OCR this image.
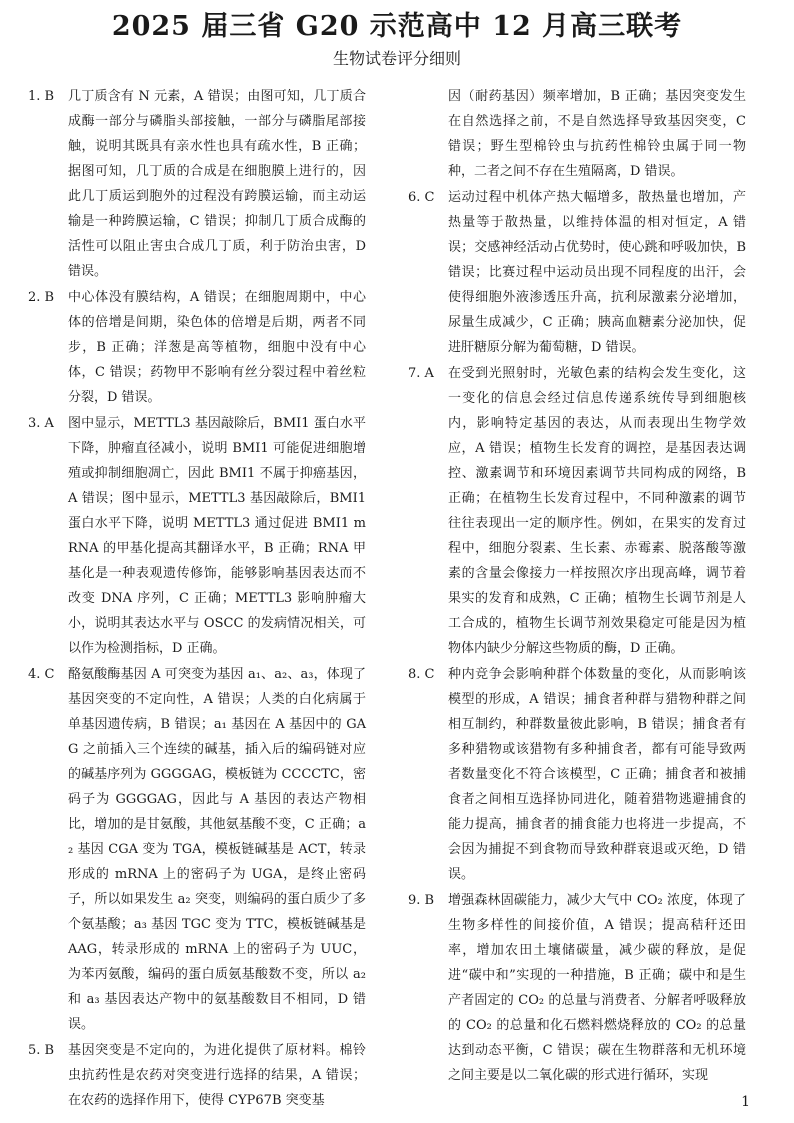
2025 届三省 G20 示范高中 12 月高三联考
生物试卷评分细则
1. B	几丁质含有 N 元素，A 错误；由图可知，几丁质合成酶一部分与磷脂头部接触，一部分与磷脂尾部接触，说明其既具有亲水性也具有疏水性，B 正确；据图可知，几丁质的合成是在细胞膜上进行的，因此几丁质运到胞外的过程没有跨膜运输，而主动运输是一种跨膜运输，C 错误；抑制几丁质合成酶的活性可以阻止害虫合成几丁质，利于防治虫害，D 错误。
2. B	中心体没有膜结构，A 错误；在细胞周期中，中心体的倍增是间期，染色体的倍增是后期，两者不同步，B 正确；洋葱是高等植物，细胞中没有中心体，C 错误；药物甲不影响有丝分裂过程中着丝粒分裂，D 错误。
3. A	图中显示，METTL3 基因敲除后，BMI1 蛋白水平下降，肿瘤直径减小，说明 BMI1 可能促进细胞增殖或抑制细胞凋亡，因此 BMI1 不属于抑癌基因，A 错误；图中显示，METTL3 基因敲除后，BMI1 蛋白水平下降，说明 METTL3 通过促进 BMI1 mRNA 的甲基化提高其翻译水平，B 正确；RNA 甲基化是一种表观遗传修饰，能够影响基因表达而不改变 DNA 序列，C 正确；METTL3 影响肿瘤大小，说明其表达水平与 OSCC 的发病情况相关，可以作为检测指标，D 正确。
4. C	酪氨酸酶基因 A 可突变为基因 a₁、a₂、a₃，体现了基因突变的不定向性，A 错误；人类的白化病属于单基因遗传病，B 错误；a₁ 基因在 A 基因中的 GAG 之前插入三个连续的碱基，插入后的编码链对应的碱基序列为 GGGGAG，模板链为 CCCCTC，密码子为 GGGGAG，因此与 A 基因的表达产物相比，增加的是甘氨酸，其他氨基酸不变，C 正确；a₂ 基因 CGA 变为 TGA，模板链碱基是 ACT，转录形成的 mRNA 上的密码子为 UGA，是终止密码子，所以如果发生 a₂ 突变，则编码的蛋白质少了多个氨基酸；a₃ 基因 TGC 变为 TTC，模板链碱基是 AAG，转录形成的 mRNA 上的密码子为 UUC，为苯丙氨酸，编码的蛋白质氨基酸数不变，所以 a₂ 和 a₃ 基因表达产物中的氨基酸数目不相同，D 错误。
5. B	基因突变是不定向的，为进化提供了原材料。棉铃虫抗药性是农药对突变进行选择的结果，A 错误；在农药的选择作用下，使得 CYP67B 突变基
因（耐药基因）频率增加，B 正确；基因突变发生在自然选择之前，不是自然选择导致基因突变，C 错误；野生型棉铃虫与抗药性棉铃虫属于同一物种，二者之间不存在生殖隔离，D 错误。
6. C	运动过程中机体产热大幅增多，散热量也增加，产热量等于散热量，以维持体温的相对恒定，A 错误；交感神经活动占优势时，使心跳和呼吸加快，B 错误；比赛过程中运动员出现不同程度的出汗，会使得细胞外液渗透压升高，抗利尿激素分泌增加，尿量生成减少，C 正确；胰高血糖素分泌加快，促进肝糖原分解为葡萄糖，D 错误。
7. A	在受到光照射时，光敏色素的结构会发生变化，这一变化的信息会经过信息传递系统传导到细胞核内，影响特定基因的表达，从而表现出生物学效应，A 错误；植物生长发育的调控，是基因表达调控、激素调节和环境因素调节共同构成的网络，B 正确；在植物生长发育过程中，不同种激素的调节往往表现出一定的顺序性。例如，在果实的发育过程中，细胞分裂素、生长素、赤霉素、脱落酸等激素的含量会像接力一样按照次序出现高峰，调节着果实的发育和成熟，C 正确；植物生长调节剂是人工合成的，植物生长调节剂效果稳定可能是因为植物体内缺少分解这些物质的酶，D 正确。
8. C	种内竞争会影响种群个体数量的变化，从而影响该模型的形成，A 错误；捕食者种群与猎物种群之间相互制约，种群数量彼此影响，B 错误；捕食者有多种猎物或该猎物有多种捕食者，都有可能导致两者数量变化不符合该模型，C 正确；捕食者和被捕食者之间相互选择协同进化，随着猎物逃避捕食的能力提高，捕食者的捕食能力也将进一步提高，不会因为捕捉不到食物而导致种群衰退或灭绝，D 错误。
9. B	增强森林固碳能力，减少大气中 CO₂ 浓度，体现了生物多样性的间接价值，A 错误；提高秸秆还田率，增加农田土壤储碳量，减少碳的释放，是促进“碳中和”实现的一种措施，B 正确；碳中和是生产者固定的 CO₂ 的总量与消费者、分解者呼吸释放的 CO₂ 的总量和化石燃料燃烧释放的 CO₂ 的总量达到动态平衡，C 错误；碳在生物群落和无机环境之间主要是以二氧化碳的形式进行循环，实现
1
